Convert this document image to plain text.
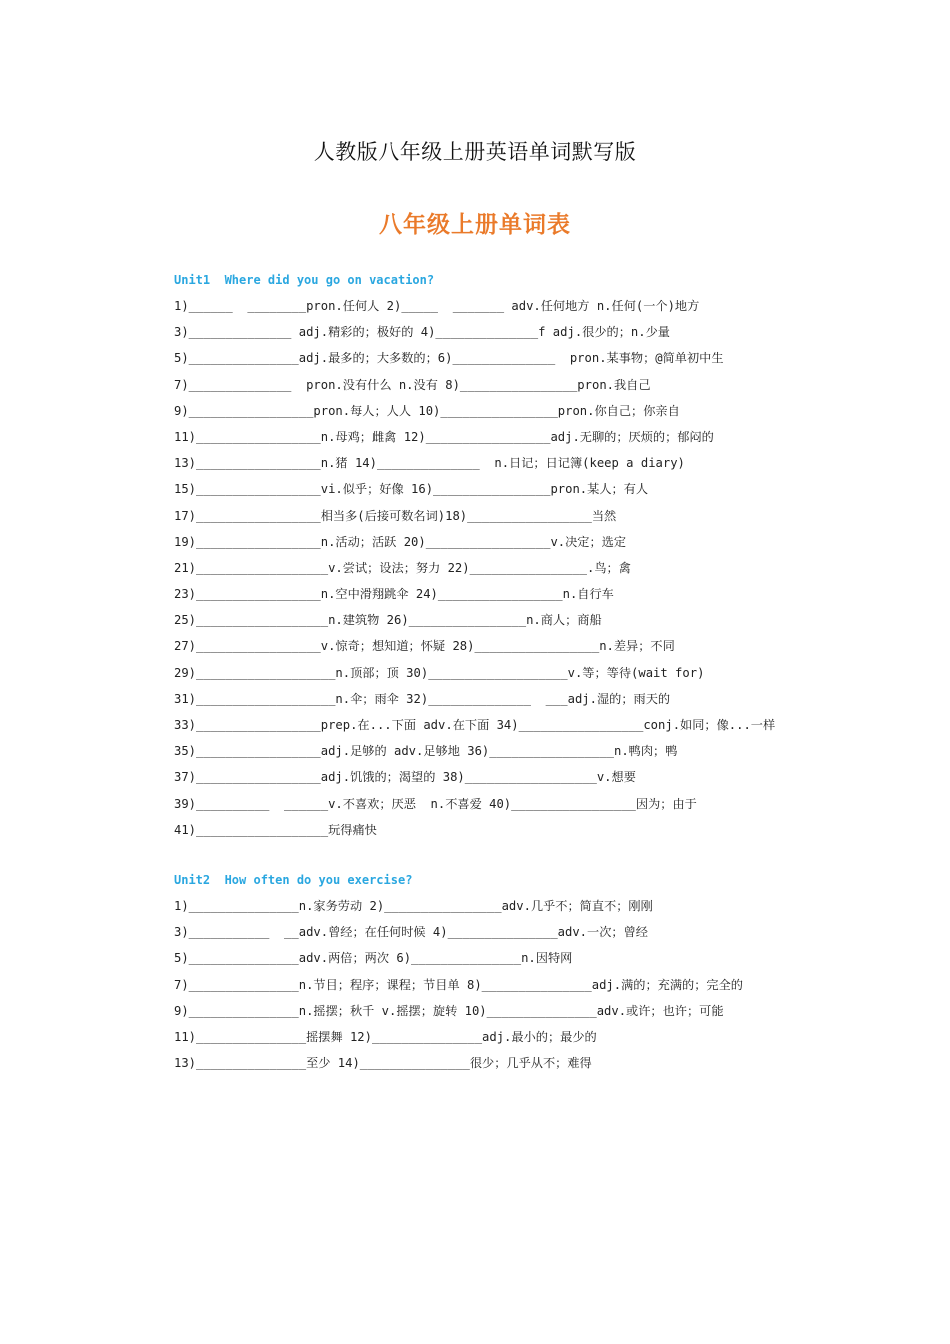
人教版八年级上册英语单词默写版
八年级上册单词表
Unit1  Where did you go on vacation?
1)______  ________pron.任何人 2)_____  _______ adv.任何地方 n.任何(一个)地方
3)______________ adj.精彩的；极好的 4)______________f adj.很少的；n.少量
5)_______________adj.最多的；大多数的；6)______________  pron.某事物；@简单初中生
7)______________  pron.没有什么 n.没有 8)________________pron.我自己
9)_________________pron.每人；人人 10)________________pron.你自己；你亲自
11)_________________n.母鸡；雌禽 12)_________________adj.无聊的；厌烦的；郁闷的
13)_________________n.猪 14)______________  n.日记；日记簿(keep a diary)
15)_________________vi.似乎；好像 16)________________pron.某人；有人
17)_________________相当多(后接可数名词)18)_________________当然
19)_________________n.活动；活跃 20)_________________v.决定；选定
21)__________________v.尝试；设法；努力 22)________________.鸟；禽
23)_________________n.空中滑翔跳伞 24)_________________n.自行车
25)__________________n.建筑物 26)________________n.商人；商船
27)_________________v.惊奇；想知道；怀疑 28)_________________n.差异；不同
29)___________________n.顶部；顶 30)___________________v.等；等待(wait for)
31)___________________n.伞；雨伞 32)______________  ___adj.湿的；雨天的
33)_________________prep.在...下面 adv.在下面 34)_________________conj.如同；像...一样
35)_________________adj.足够的 adv.足够地 36)_________________n.鸭肉；鸭
37)_________________adj.饥饿的；渴望的 38)__________________v.想要
39)__________  ______v.不喜欢；厌恶  n.不喜爱 40)_________________因为；由于
41)__________________玩得痛快
Unit2  How often do you exercise?
1)_______________n.家务劳动 2)________________adv.几乎不；简直不；刚刚
3)___________  __adv.曾经；在任何时候 4)_______________adv.一次；曾经
5)_______________adv.两倍；两次 6)_______________n.因特网
7)_______________n.节目；程序；课程；节目单 8)_______________adj.满的；充满的；完全的
9)_______________n.摇摆；秋千 v.摇摆；旋转 10)_______________adv.或许；也许；可能
11)_______________摇摆舞 12)_______________adj.最小的；最少的
13)_______________至少 14)_______________很少；几乎从不；难得
